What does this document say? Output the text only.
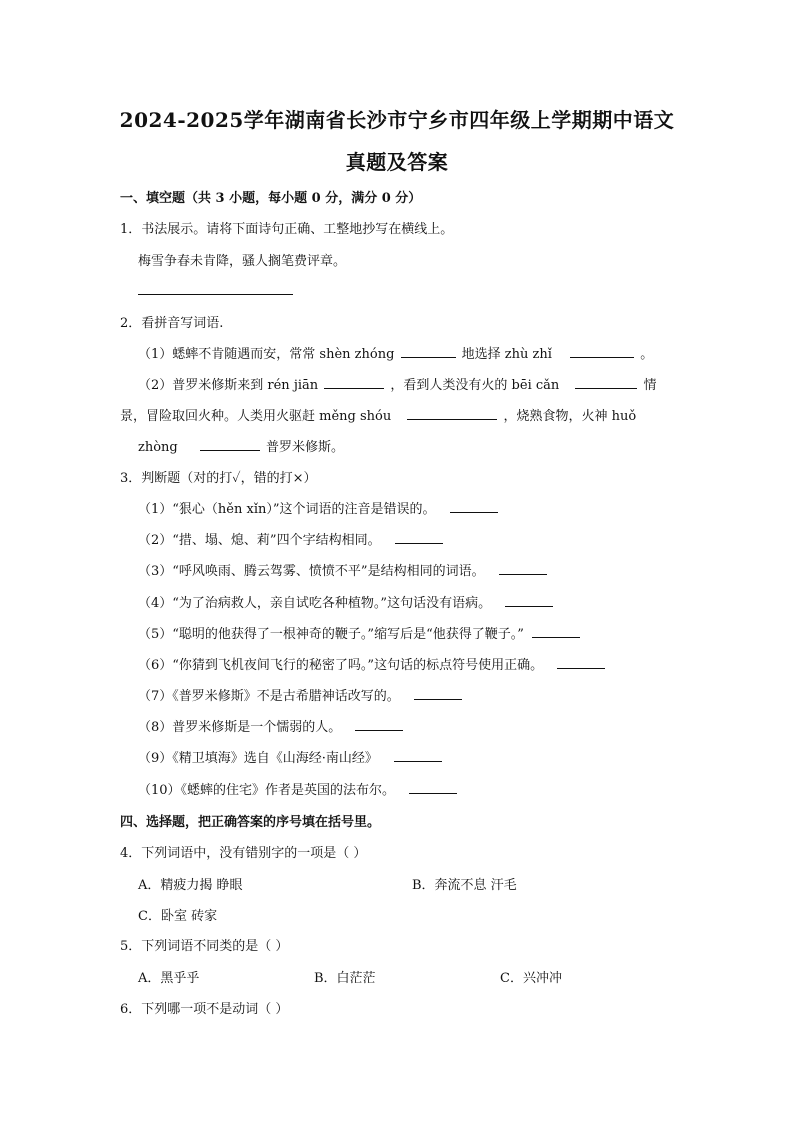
2024-2025学年湖南省长沙市宁乡市四年级上学期期中语文
真题及答案
一、填空题（共 3 小题，每小题 0 分，满分 0 分）
1．书法展示。请将下面诗句正确、工整地抄写在横线上。
梅雪争春未肯降，骚人搁笔费评章。
2．看拼音写词语.
（1）蟋蟀不肯随遇而安，常常 shèn zhóng	地选择 zhù zhǐ	。
（2）普罗米修斯来到 rén jiān	，看到人类没有火的 bēi cǎn	情
景，冒险取回火种。人类用火驱赶 měng shóu	，烧熟食物，火神 huǒ
zhòng	普罗米修斯。
3．判断题（对的打✓，错的打×）
（1）“狠心（hěn xǐn）”这个词语的注音是错误的。
（2）“措、塌、熄、莉”四个字结构相同。
（3）“呼风唤雨、腾云驾雾、愤愤不平”是结构相同的词语。
（4）“为了治病救人，亲自试吃各种植物。”这句话没有语病。
（5）“聪明的他获得了一根神奇的鞭子。”缩写后是“他获得了鞭子。”
（6）“你猜到飞机夜间飞行的秘密了吗。”这句话的标点符号使用正确。
（7）《普罗米修斯》不是古希腊神话改写的。
（8）普罗米修斯是一个懦弱的人。
（9）《精卫填海》选自《山海经·南山经》
（10）《蟋蟀的住宅》作者是英国的法布尔。
四、选择题，把正确答案的序号填在括号里。
4．下列词语中，没有错别字的一项是（ ）
A．精疲力揭 睁眼	B．奔流不息 汗毛
C．卧室 砖家
5．下列词语不同类的是（ ）
A．黑乎乎	B．白茫茫	C．兴冲冲
6．下列哪一项不是动词（ ）
